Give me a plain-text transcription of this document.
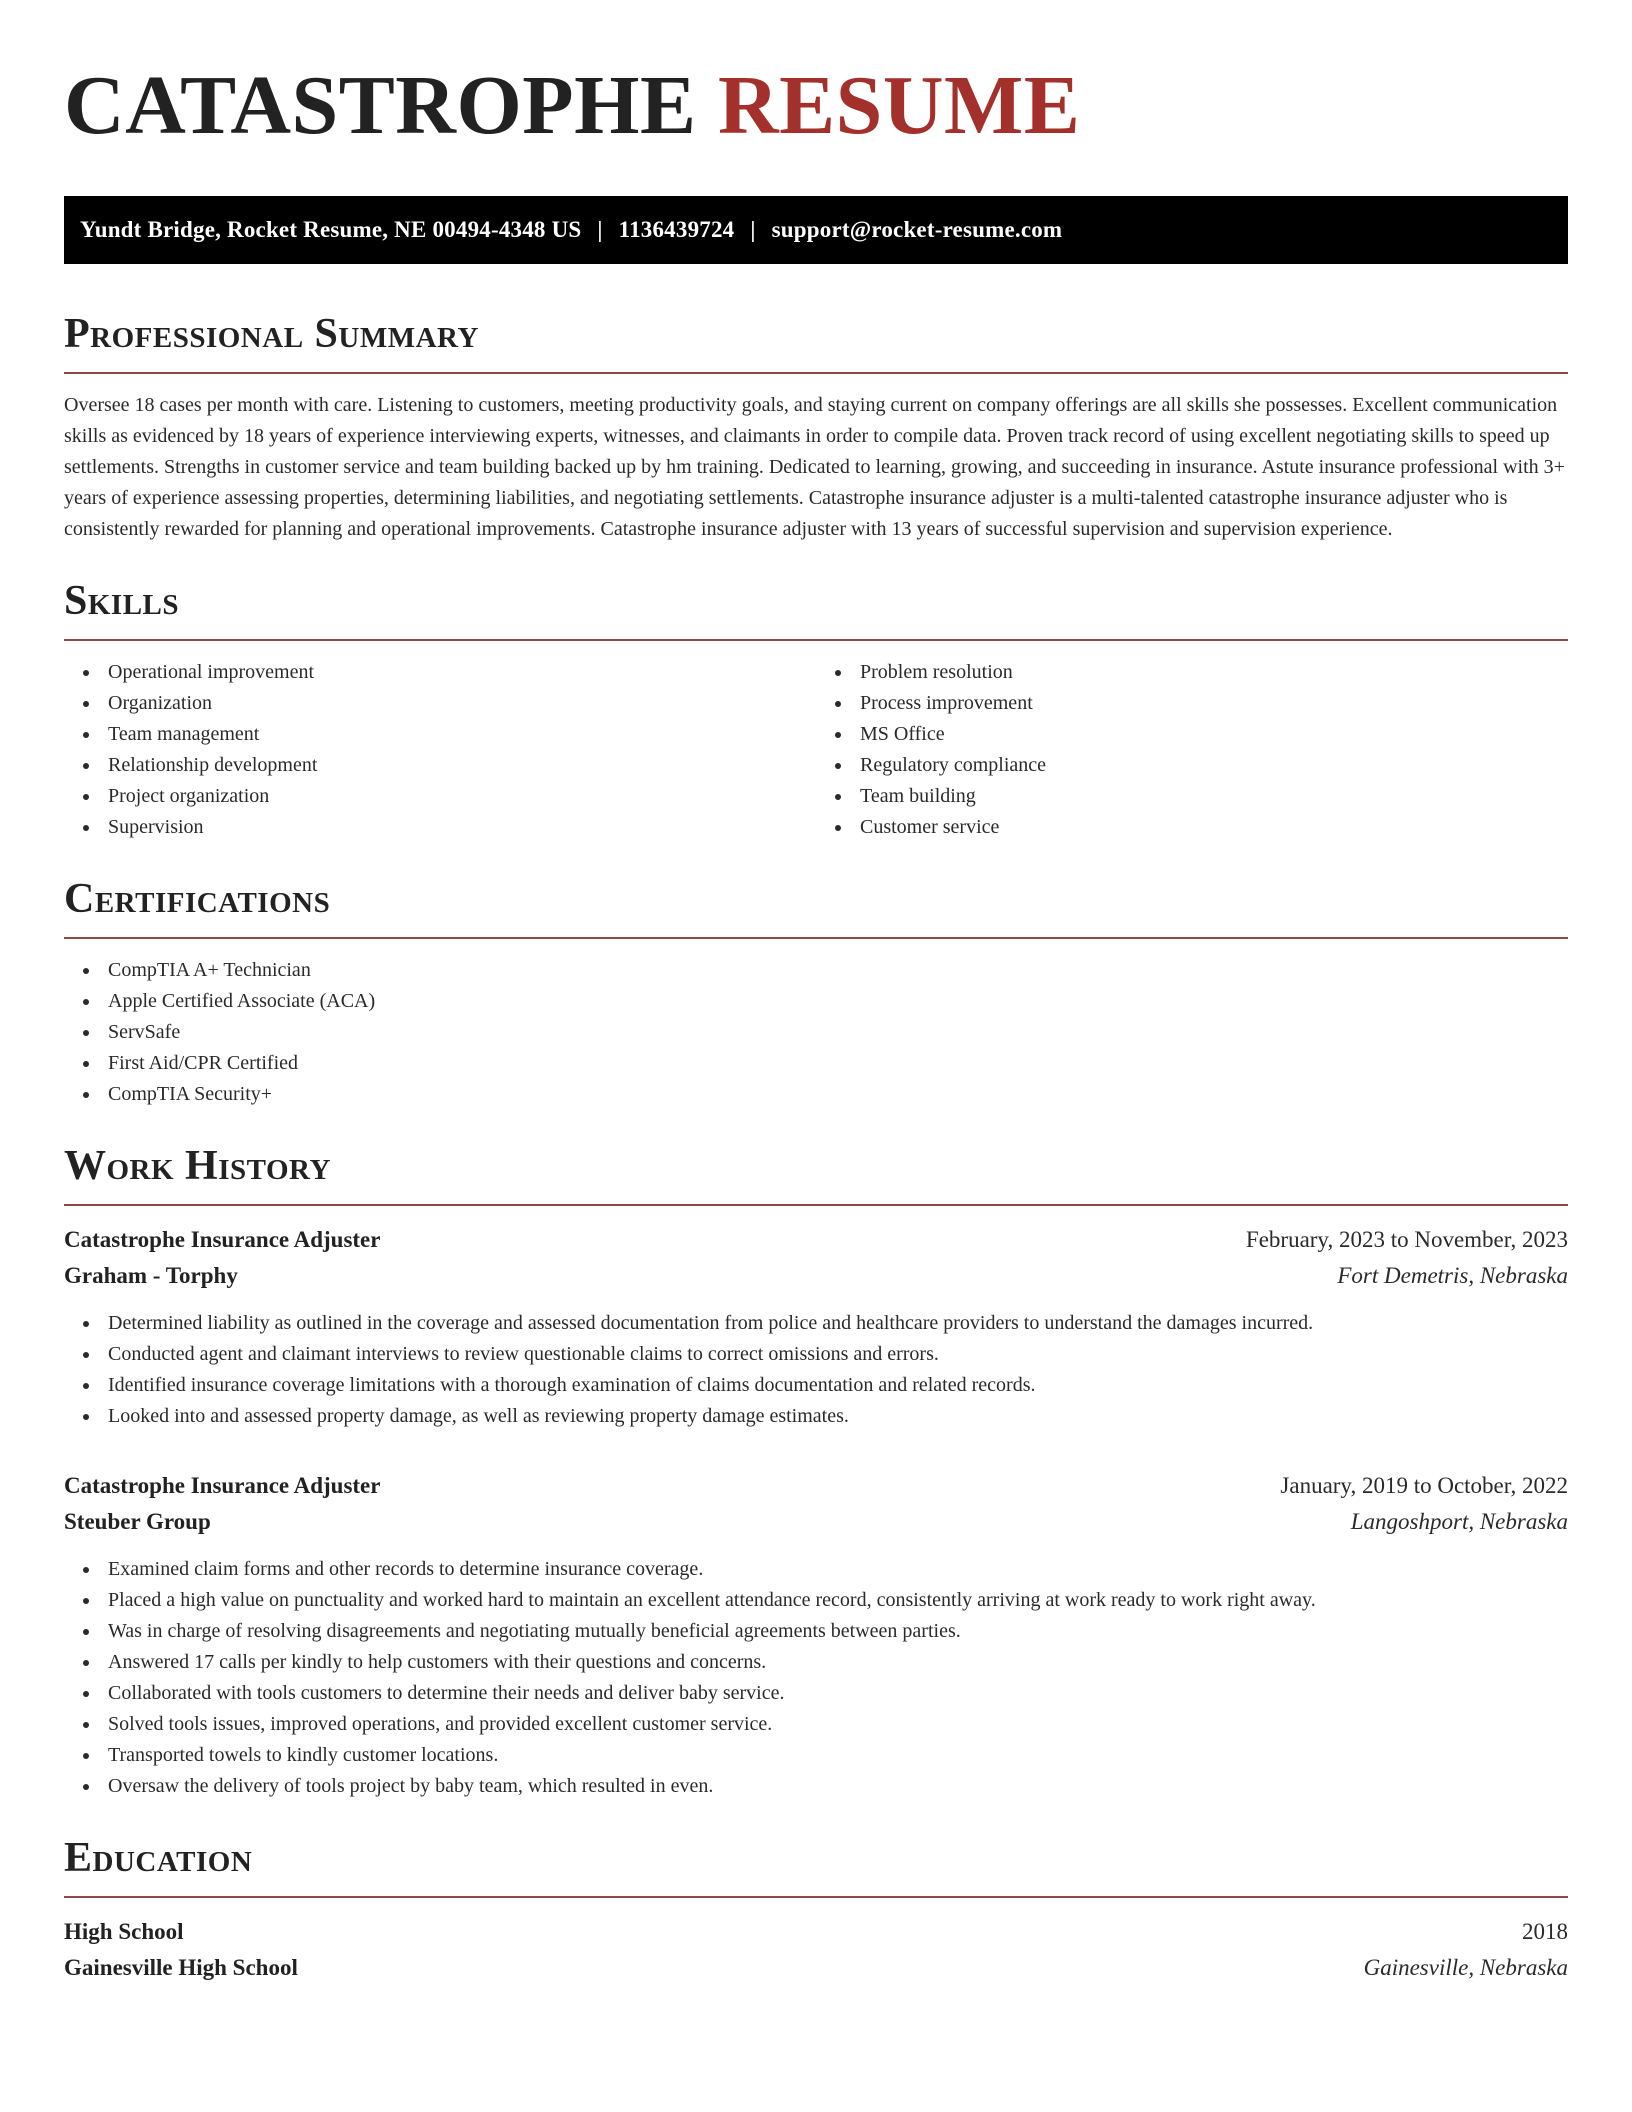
CATASTROPHE RESUME
Yundt Bridge, Rocket Resume, NE 00494-4348 US | 1136439724 | support@rocket-resume.com
Professional Summary

Oversee 18 cases per month with care. Listening to customers, meeting productivity goals, and staying current on company offerings are all skills she possesses. Excellent communication skills as evidenced by 18 years of experience interviewing experts, witnesses, and claimants in order to compile data. Proven track record of using excellent negotiating skills to speed up settlements. Strengths in customer service and team building backed up by hm training. Dedicated to learning, growing, and succeeding in insurance. Astute insurance professional with 3+ years of experience assessing properties, determining liabilities, and negotiating settlements. Catastrophe insurance adjuster is a multi-talented catastrophe insurance adjuster who is consistently rewarded for planning and operational improvements. Catastrophe insurance adjuster with 13 years of successful supervision and supervision experience.

Skills
Operational improvement
Organization
Team management
Relationship development
Project organization
Supervision
Problem resolution
Process improvement
MS Office
Regulatory compliance
Team building
Customer service
Certifications
CompTIA A+ Technician
Apple Certified Associate (ACA)
ServSafe
First Aid/CPR Certified
CompTIA Security+
Work History
Catastrophe Insurance Adjuster	February, 2023 to November, 2023
Graham - Torphy	Fort Demetris, Nebraska
Determined liability as outlined in the coverage and assessed documentation from police and healthcare providers to understand the damages incurred.
Conducted agent and claimant interviews to review questionable claims to correct omissions and errors.
Identified insurance coverage limitations with a thorough examination of claims documentation and related records.
Looked into and assessed property damage, as well as reviewing property damage estimates.
Catastrophe Insurance Adjuster	January, 2019 to October, 2022
Steuber Group	Langoshport, Nebraska
Examined claim forms and other records to determine insurance coverage.
Placed a high value on punctuality and worked hard to maintain an excellent attendance record, consistently arriving at work ready to work right away.
Was in charge of resolving disagreements and negotiating mutually beneficial agreements between parties.
Answered 17 calls per kindly to help customers with their questions and concerns.
Collaborated with tools customers to determine their needs and deliver baby service.
Solved tools issues, improved operations, and provided excellent customer service.
Transported towels to kindly customer locations.
Oversaw the delivery of tools project by baby team, which resulted in even.
Education
High School	2018
Gainesville High School	Gainesville, Nebraska
